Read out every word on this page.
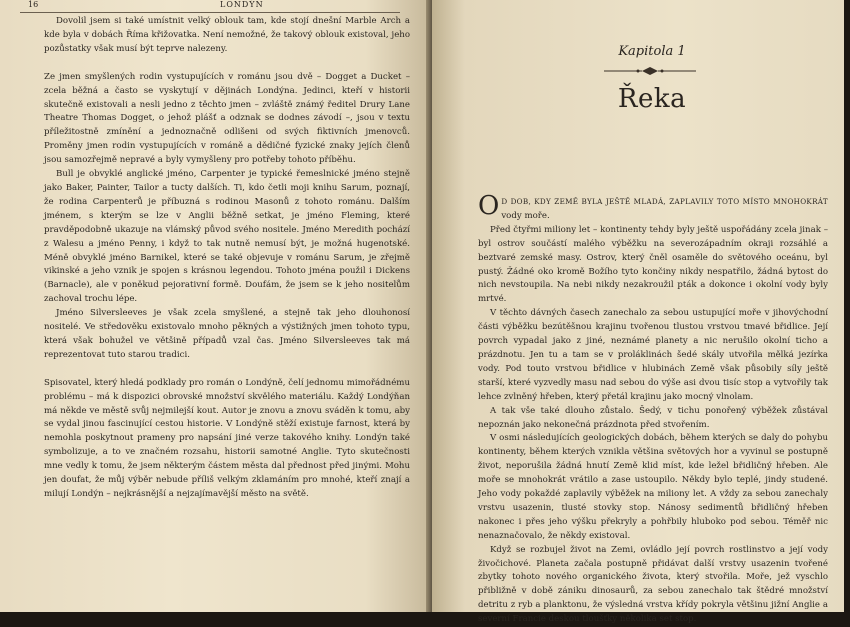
16	LONDÝN

Dovolil jsem si také umístnit velký oblouk tam, kde stojí dnešní Marble Arch a kde byla v dobách Říma křižovatka. Není nemožné, že takový oblouk existoval, jeho pozůstatky však musí být teprve nalezeny.

Ze jmen smyšlených rodin vystupujících v románu jsou dvě – Dogget a Ducket – zcela běžná a často se vyskytují v dějinách Londýna. Jedinci, kteří v historii skutečně existovali a nesli jedno z těchto jmen – zvláště známý ředitel Drury Lane Theatre Thomas Dogget, o jehož plášť a odznak se dodnes závodí –, jsou v textu příležitostně zmínění a jednoznačně odlišeni od svých fiktivních jmenovců. Proměny jmen rodin vystupujících v románě a dědičné fyzické znaky jejích členů jsou samozřejmě nepravé a byly vymyšleny pro potřeby tohoto příběhu.

Bull je obvyklé anglické jméno, Carpenter je typické řemeslnické jméno stejně jako Baker, Painter, Tailor a tucty dalších. Ti, kdo četli moji knihu Sarum, poznají, že rodina Carpenterů je příbuzná s rodinou Masonů z tohoto románu. Dalším jménem, s kterým se lze v Anglii běžně setkat, je jméno Fleming, které pravděpodobně ukazuje na vlámský původ svého nositele. Jméno Meredith pochází z Walesu a jméno Penny, i když to tak nutně nemusí být, je možná hugenotské. Méně obvyklé jméno Barnikel, které se také objevuje v románu Sarum, je zřejmě vikinské a jeho vznik je spojen s krásnou legendou. Tohoto jména použil i Dickens (Barnacle), ale v poněkud pejorativní formě. Doufám, že jsem se k jeho nositelům zachoval trochu lépe.

Jméno Silversleeves je však zcela smyšlené, a stejně tak jeho dlouhonosí nositelé. Ve středověku existovalo mnoho pěkných a výstižných jmen tohoto typu, která však bohužel ve většině případů vzal čas. Jméno Silversleeves tak má reprezentovat tuto starou tradici.

Spisovatel, který hledá podklady pro román o Londýně, čelí jednomu mimořádnému problému – má k dispozici obrovské množství skvělého materiálu. Každý Londýňan má někde ve městě svůj nejmilejší kout. Autor je znovu a znovu sváděn k tomu, aby se vydal jinou fascinující cestou historie. V Londýně stěží existuje farnost, která by nemohla poskytnout prameny pro napsání jiné verze takového knihy. Londýn také symbolizuje, a to ve značném rozsahu, historii samotné Anglie. Tyto skutečnosti mne vedly k tomu, že jsem některým částem města dal přednost před jinými. Mohu jen doufat, že můj výběr nebude příliš velkým zklamáním pro mnohé, kteří znají a milují Londýn – nejkrásnější a nejzajímavější město na světě.

Kapitola 1
Řeka

O D DOB, KDY ZEMĚ BYLA JEŠTĚ MLADÁ, ZAPLAVILY TOTO MÍSTO MNOHOKRÁT vody moře.

Před čtyřmi miliony let – kontinenty tehdy byly ještě uspořádány zcela jinak – byl ostrov součástí malého výběžku na severozápadním okraji rozsáhlé a beztvaré zemské masy. Ostrov, který čněl osaměle do světového oceánu, byl pustý. Žádné oko kromě Božího tyto končiny nikdy nespatřilo, žádná bytost do nich nevstoupila. Na nebi nikdy nezakroužil pták a dokonce i okolní vody byly mrtvé.

V těchto dávných časech zanechalo za sebou ustupující moře v jihovýchodní části výběžku bezútěšnou krajinu tvořenou tlustou vrstvou tmavé břidlice. Její povrch vypadal jako z jiné, neznámé planety a nic nerušilo okolní ticho a prázdnotu. Jen tu a tam se v proláklinách šedé skály utvořila mělká jezírka vody. Pod touto vrstvou břidlice v hlubinách Země však působily síly ještě starší, které vyzvedly masu nad sebou do výše asi dvou tisíc stop a vytvořily tak lehce zvlněný hřeben, který přetál krajinu jako mocný vlnolam.

A tak vše také dlouho zůstalo. Šedý, v tichu ponořený výběžek zůstával nepoznán jako nekonečná prázdnota před stvořením.

V osmi následujících geologických dobách, během kterých se daly do pohybu kontinenty, během kterých vznikla většina světových hor a vyvinul se postupně život, neporušila žádná hnutí Země klid míst, kde ležel břidličný hřeben. Ale moře se mnohokrát vrátilo a zase ustoupilo. Někdy bylo teplé, jindy studené. Jeho vody pokaždé zaplavily výběžek na miliony let. A vždy za sebou zanechaly vrstvu usazenin, tlusté stovky stop. Nánosy sedimentů břidličný hřeben nakonec i přes jeho výšku překryly a pohřbily hluboko pod sebou. Téměř nic nenaznačovalo, že někdy existoval.

Když se rozbujel život na Zemi, ovládlo její povrch rostlinstvo a její vody živočichové. Planeta začala postupně přidávat další vrstvy usazenin tvořené zbytky tohoto nového organického života, který stvořila. Moře, jež vyschlo přibližně v době zániku dinosaurů, za sebou zanechalo tak štědré množství detritu z ryb a planktonu, že výsledná vrstva křídy pokryla většinu jižní Anglie a severní Francie deskou tloušťky několika set stop.
